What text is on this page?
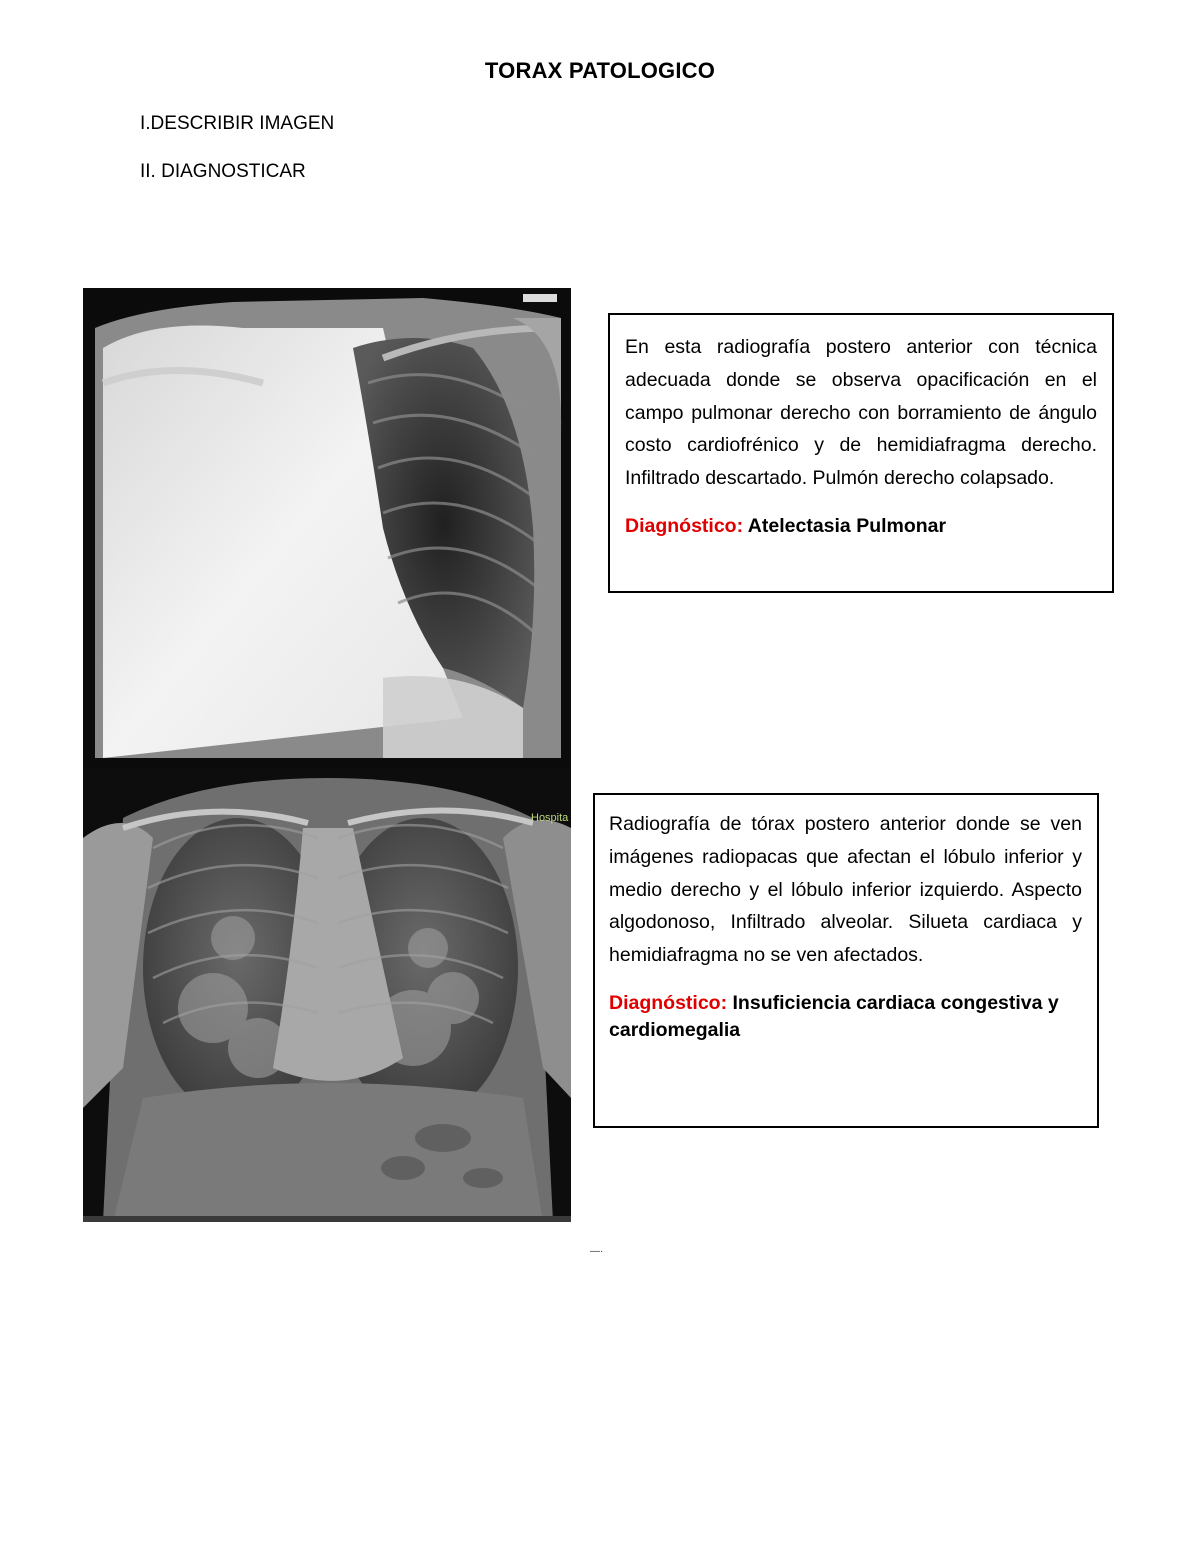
TORAX PATOLOGICO
I.DESCRIBIR IMAGEN
II. DIAGNOSTICAR
Hospita

En esta radiografía postero anterior con técnica adecuada donde se observa opacificación en el campo pulmonar derecho con borramiento de ángulo costo cardiofrénico y de hemidiafragma derecho. Infiltrado descartado. Pulmón derecho colapsado.

Diagnóstico: Atelectasia Pulmonar

Radiografía de tórax postero anterior donde se ven imágenes radiopacas que afectan el lóbulo inferior y medio derecho y el lóbulo inferior izquierdo. Aspecto algodonoso, Infiltrado alveolar. Silueta cardiaca y hemidiafragma no se ven afectados.

Diagnóstico: Insuficiencia cardiaca congestiva y cardiomegalia

—·
